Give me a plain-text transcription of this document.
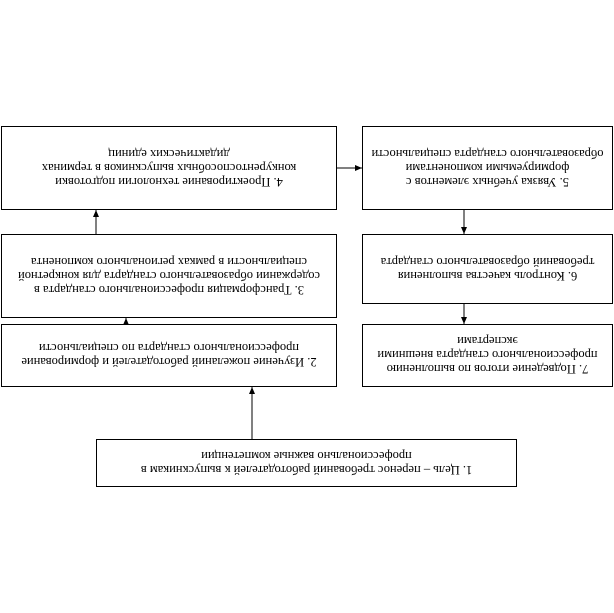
1. Цель – перенос требований работодателей к выпускникам в профессионально важные компетенции
2. Изучение пожеланий работодателей и формирование профессионального стандарта по специальности
3. Трансформация профессионального стандарта в содержании образовательного стандарта для конкретной специальности в рамках регионального компонента
4. Проектирование технологии подготовки конкурентоспособных выпускников в терминах дидактических единиц
5. Увязка учебных элементов с формируемыми компонентами образовательного стандарта специальности
6. Контроль качества выполнения требований образовательного стандарта
7. Подведение итогов по выполнению профессионального стандарта внешними экспертами
